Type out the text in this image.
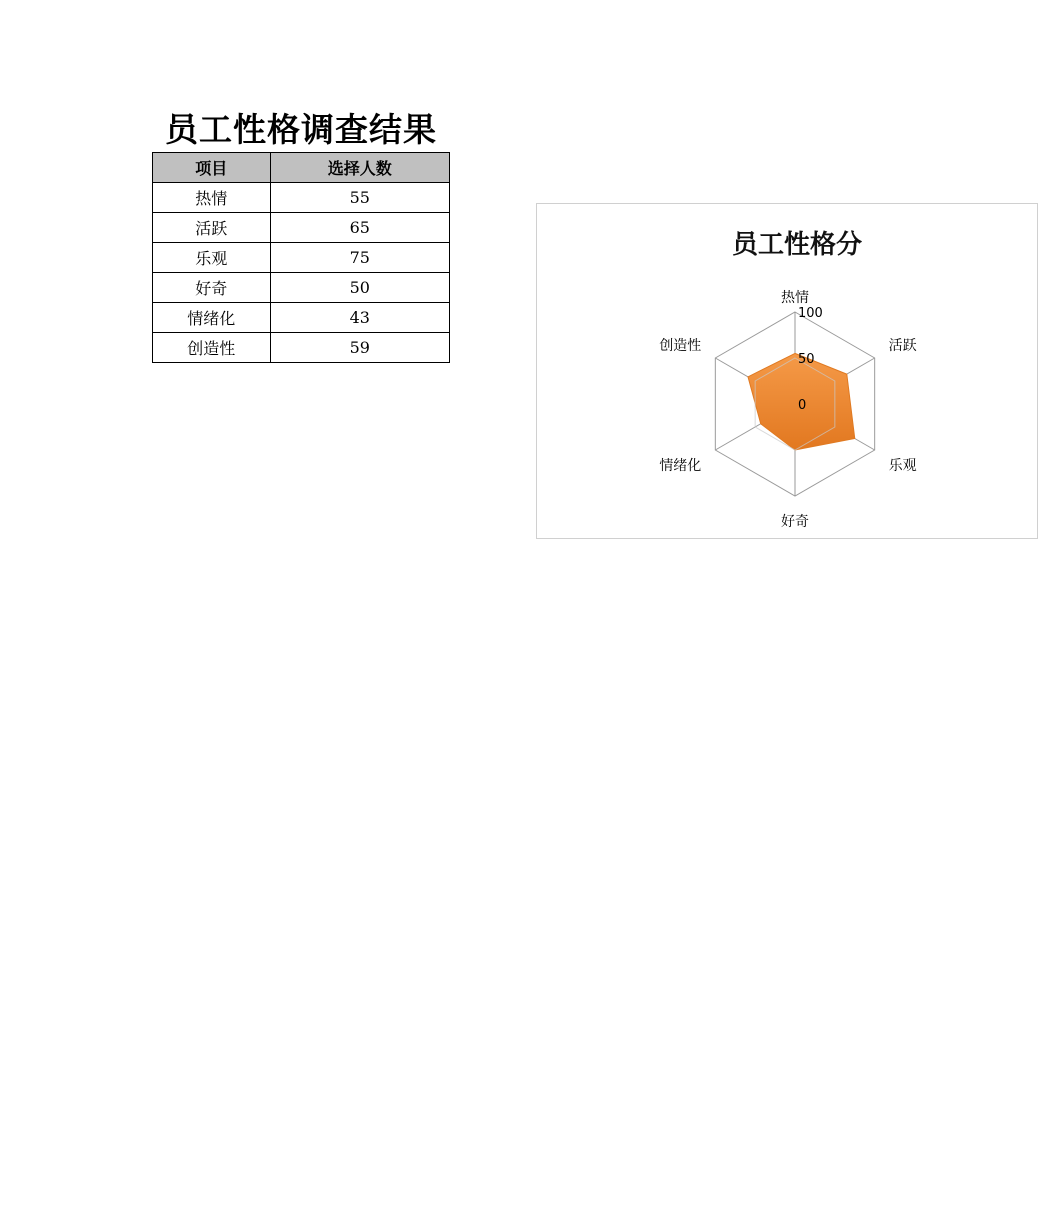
员工性格调查结果
项目	选择人数
热情	55
活跃	65
乐观	75
好奇	50
情绪化	43
创造性	59
员工性格分
0
50
100
热情
活跃
乐观
好奇
情绪化
创造性
